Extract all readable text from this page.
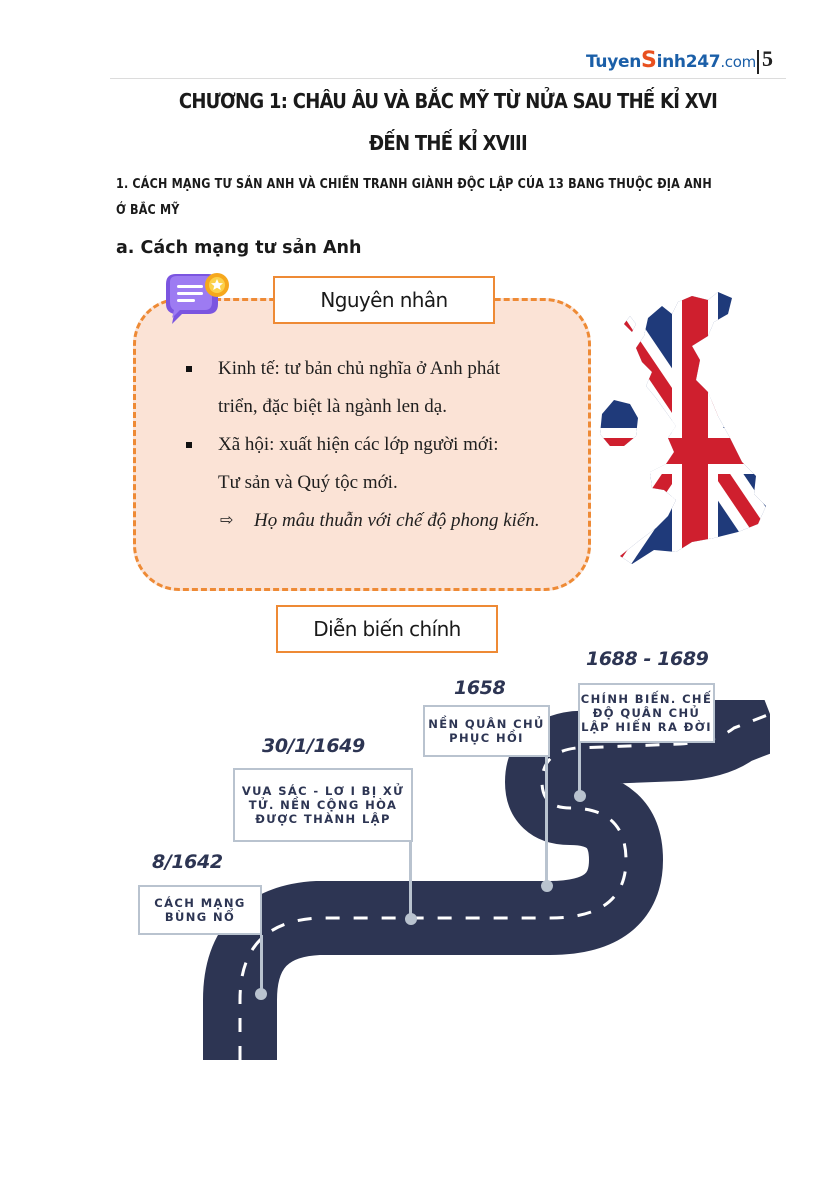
TuyenSinh247.com 5
CHƯƠNG 1: CHÂU ÂU VÀ BẮC MỸ TỪ NỬA SAU THẾ KỈ XVI
ĐẾN THẾ KỈ XVIII
1. CÁCH MẠNG TƯ SẢN ANH VÀ CHIẾN TRANH GIÀNH ĐỘC LẬP CỦA 13 BANG THUỘC ĐỊA ANH
Ở BẮC MỸ
a. Cách mạng tư sản Anh
Nguyên nhân
Kinh tế: tư bản chủ nghĩa ở Anh phát
triển, đặc biệt là ngành len dạ.
Xã hội: xuất hiện các lớp người mới:
Tư sản và Quý tộc mới.
⇨ Họ mâu thuẫn với chế độ phong kiến.
Diễn biến chính
8/1642
CÁCH MẠNG
BÙNG NỔ
30/1/1649
VUA SÁC - LƠ I BỊ XỬ
TỬ. NỀN CỘNG HÒA
ĐƯỢC THÀNH LẬP
1658
NỀN QUÂN CHỦ
PHỤC HỒI
1688 - 1689
CHÍNH BIẾN. CHẾ
ĐỘ QUÂN CHỦ
LẬP HIẾN RA ĐỜI
